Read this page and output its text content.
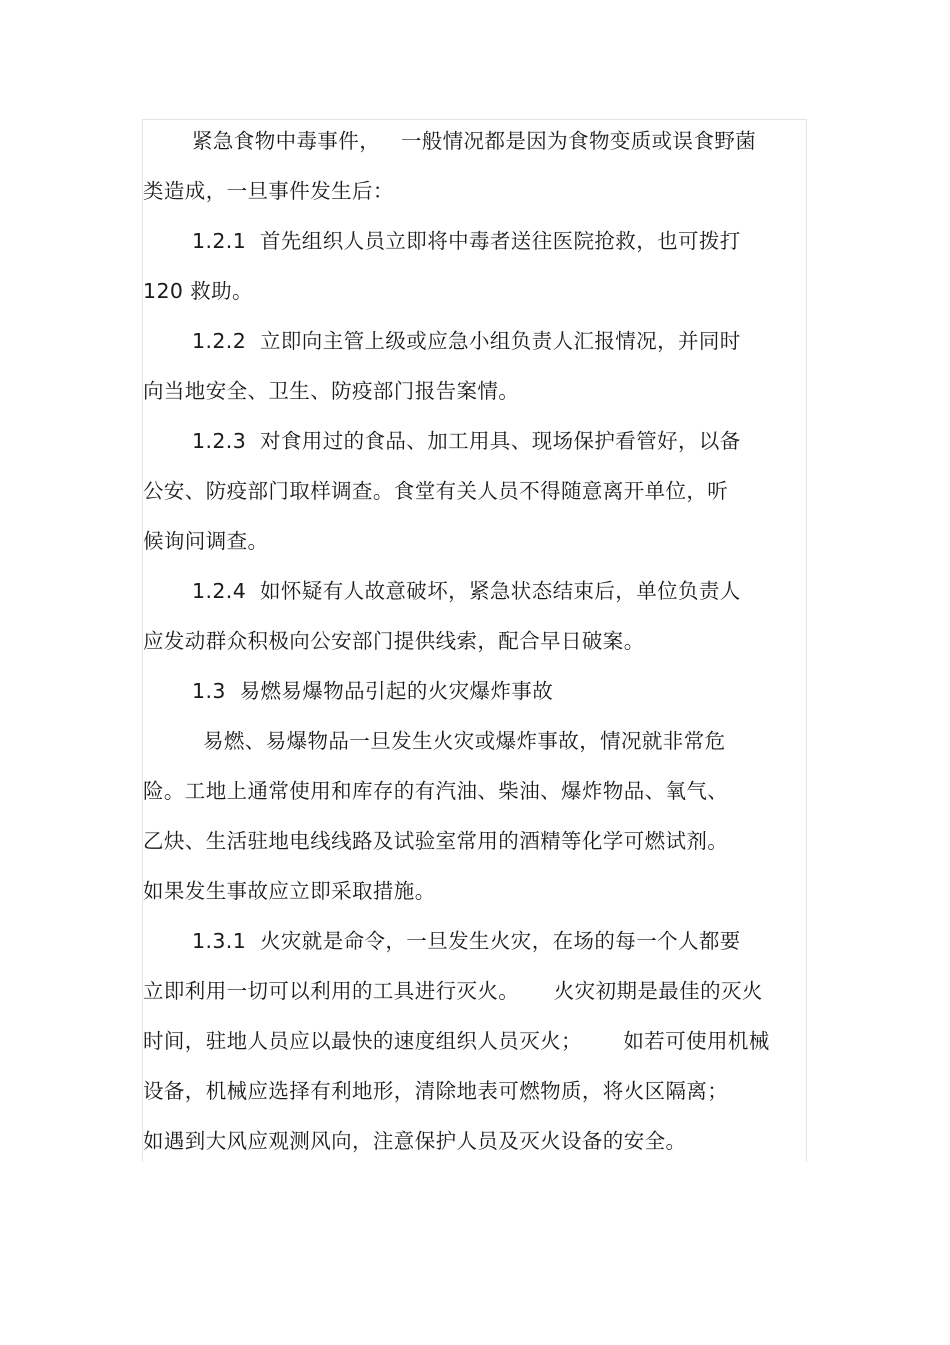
紧急食物中毒事件，   一般情况都是因为食物变质或误食野菌
类造成，一旦事件发生后：
1.2.1  首先组织人员立即将中毒者送往医院抢救，也可拨打
120 救助。
1.2.2  立即向主管上级或应急小组负责人汇报情况，并同时
向当地安全、卫生、防疫部门报告案情。
1.2.3  对食用过的食品、加工用具、现场保护看管好，以备
公安、防疫部门取样调查。食堂有关人员不得随意离开单位，听
候询问调查。
1.2.4  如怀疑有人故意破坏，紧急状态结束后，单位负责人
应发动群众积极向公安部门提供线索，配合早日破案。
1.3  易燃易爆物品引起的火灾爆炸事故
易燃、易爆物品一旦发生火灾或爆炸事故，情况就非常危
险。工地上通常使用和库存的有汽油、柴油、爆炸物品、氧气、
乙炔、生活驻地电线线路及试验室常用的酒精等化学可燃试剂。
如果发生事故应立即采取措施。
1.3.1  火灾就是命令，一旦发生火灾，在场的每一个人都要
立即利用一切可以利用的工具进行灭火。     火灾初期是最佳的灭火
时间，驻地人员应以最快的速度组织人员灭火；      如若可使用机械
设备，机械应选择有利地形，清除地表可燃物质，将火区隔离；
如遇到大风应观测风向，注意保护人员及灭火设备的安全。
